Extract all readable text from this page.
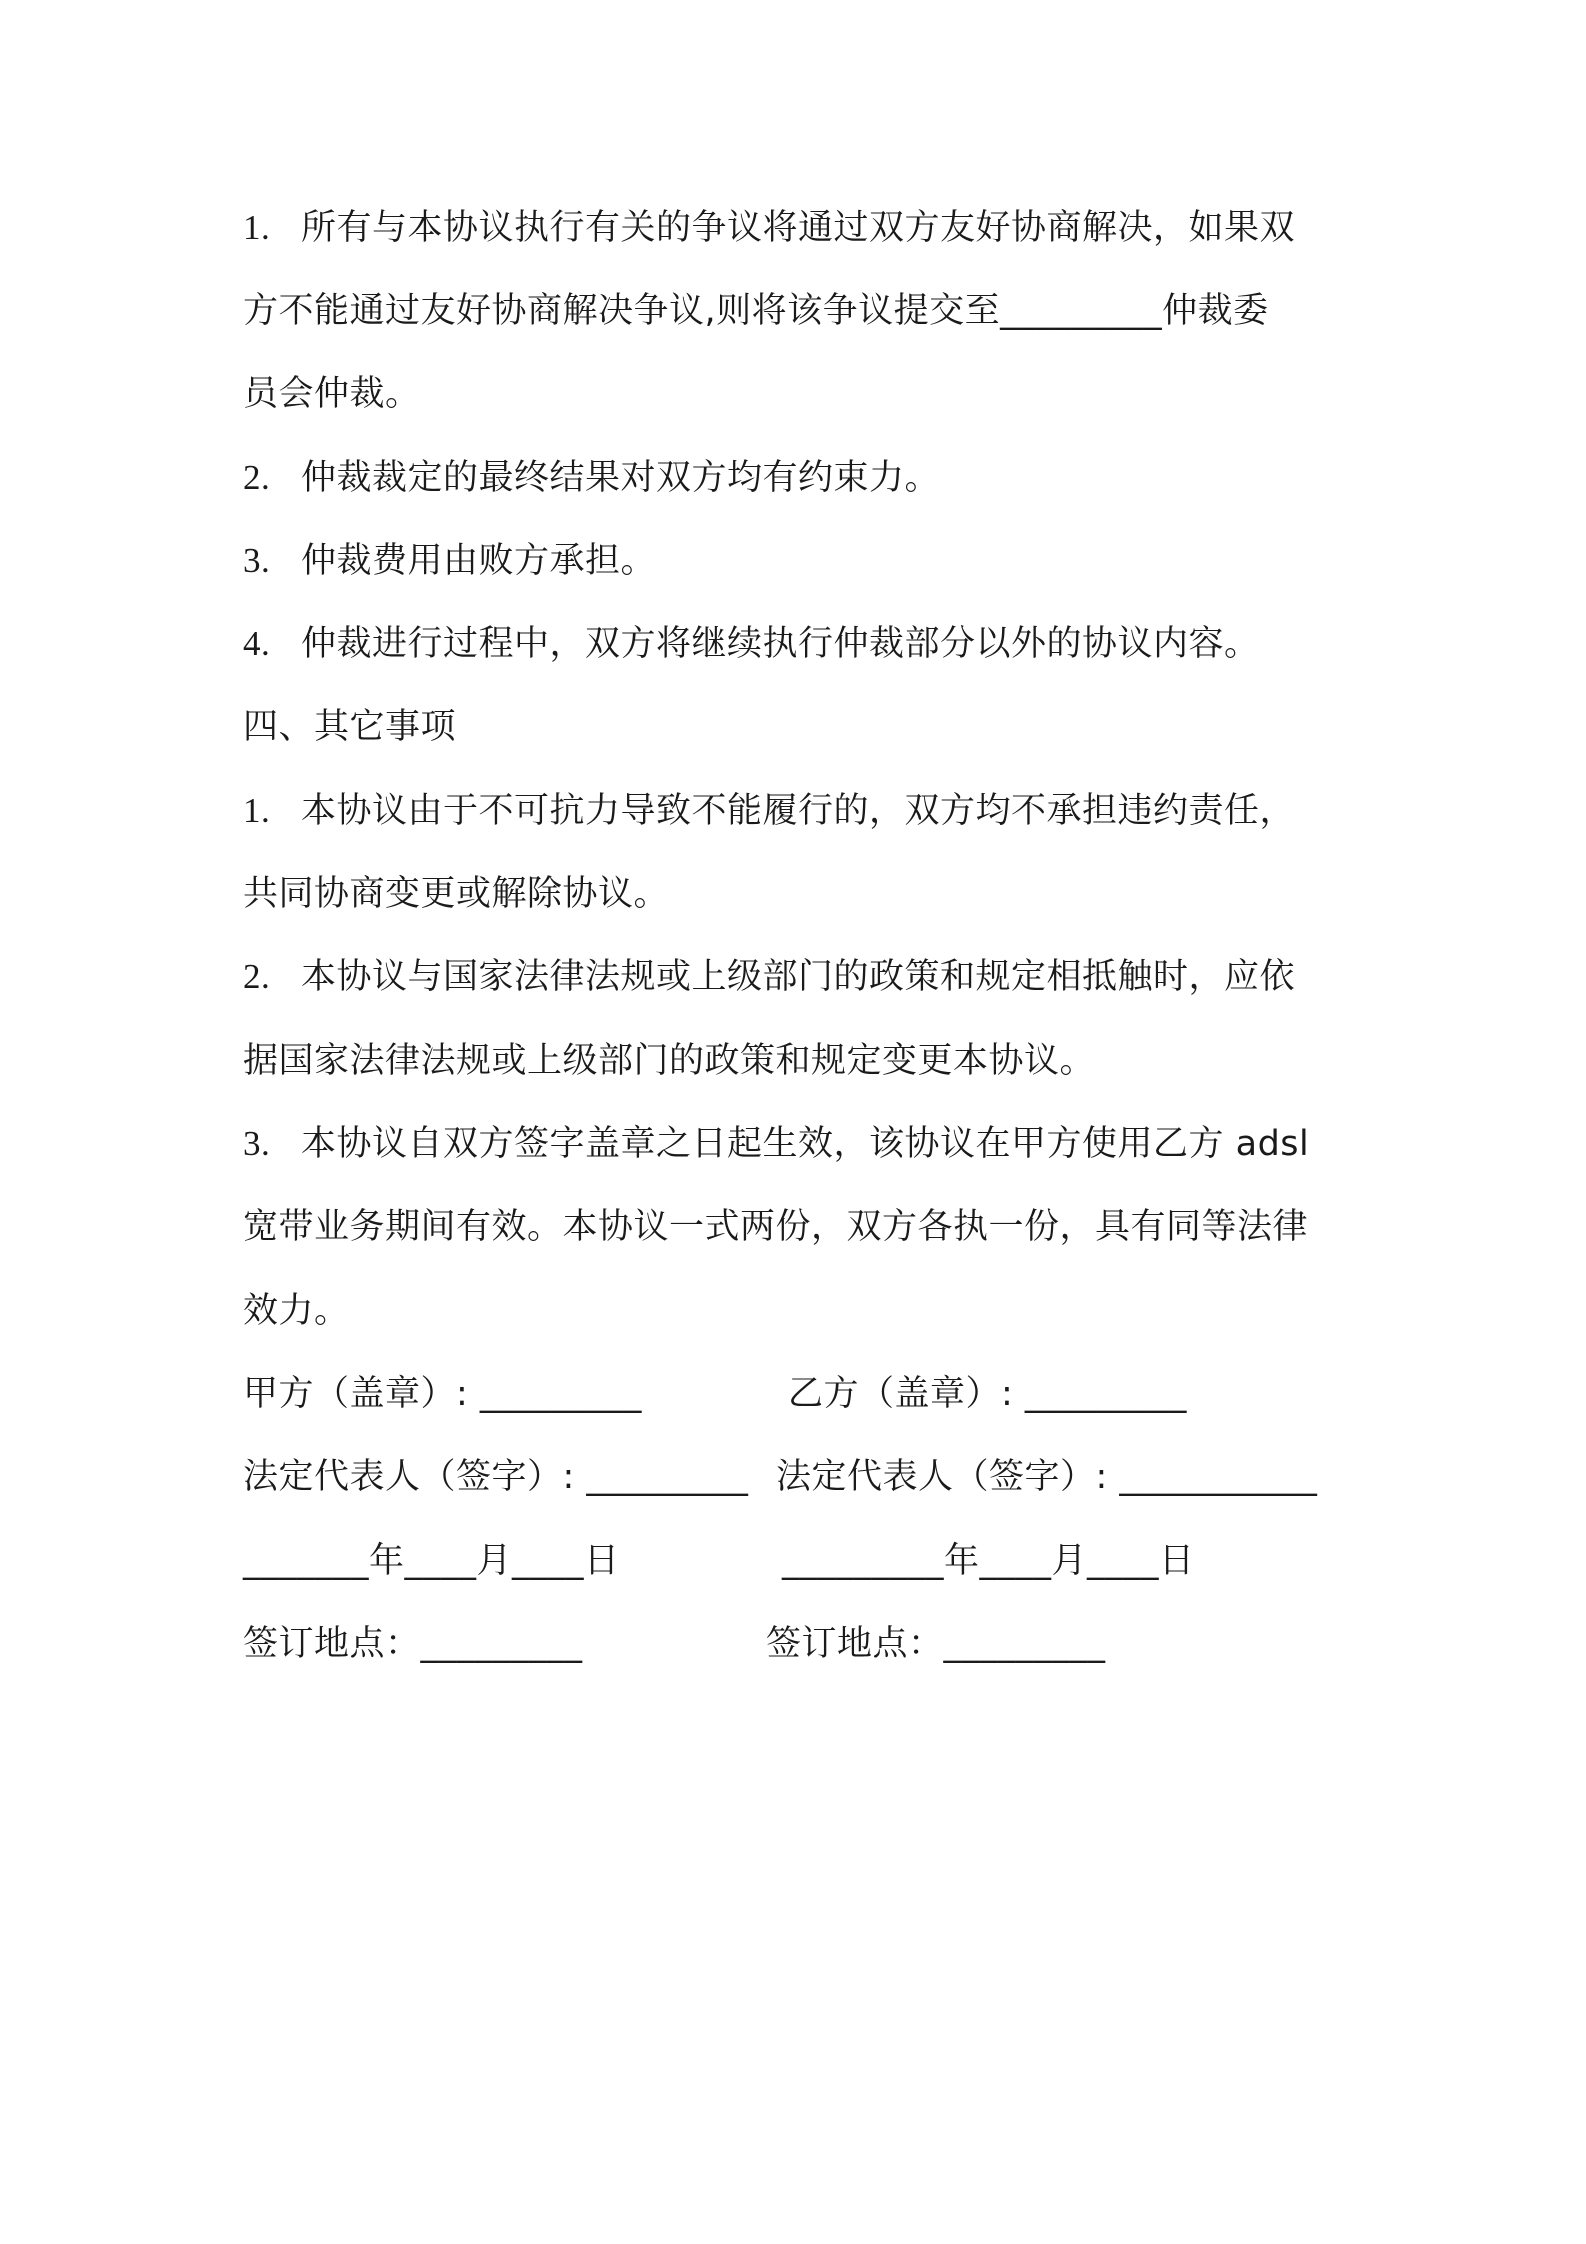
1. 所有与本协议执行有关的争议将通过双方友好协商解决，如果双
方不能通过友好协商解决争议,则将该争议提交至_________仲裁委
员会仲裁。
2. 仲裁裁定的最终结果对双方均有约束力。
3. 仲裁费用由败方承担。
4. 仲裁进行过程中，双方将继续执行仲裁部分以外的协议内容。
四、其它事项
1. 本协议由于不可抗力导致不能履行的，双方均不承担违约责任，
共同协商变更或解除协议。
2. 本协议与国家法律法规或上级部门的政策和规定相抵触时，应依
据国家法律法规或上级部门的政策和规定变更本协议。
3. 本协议自双方签字盖章之日起生效，该协议在甲方使用乙方 adsl
宽带业务期间有效。本协议一式两份，双方各执一份，具有同等法律
效力。
甲方（盖章）: _________	乙方（盖章）: _________
法定代表人（签字）: _________ 法定代表人（签字）: ___________
_______年____月____日	_________年____月____日
签订地点：_________	签订地点：_________
